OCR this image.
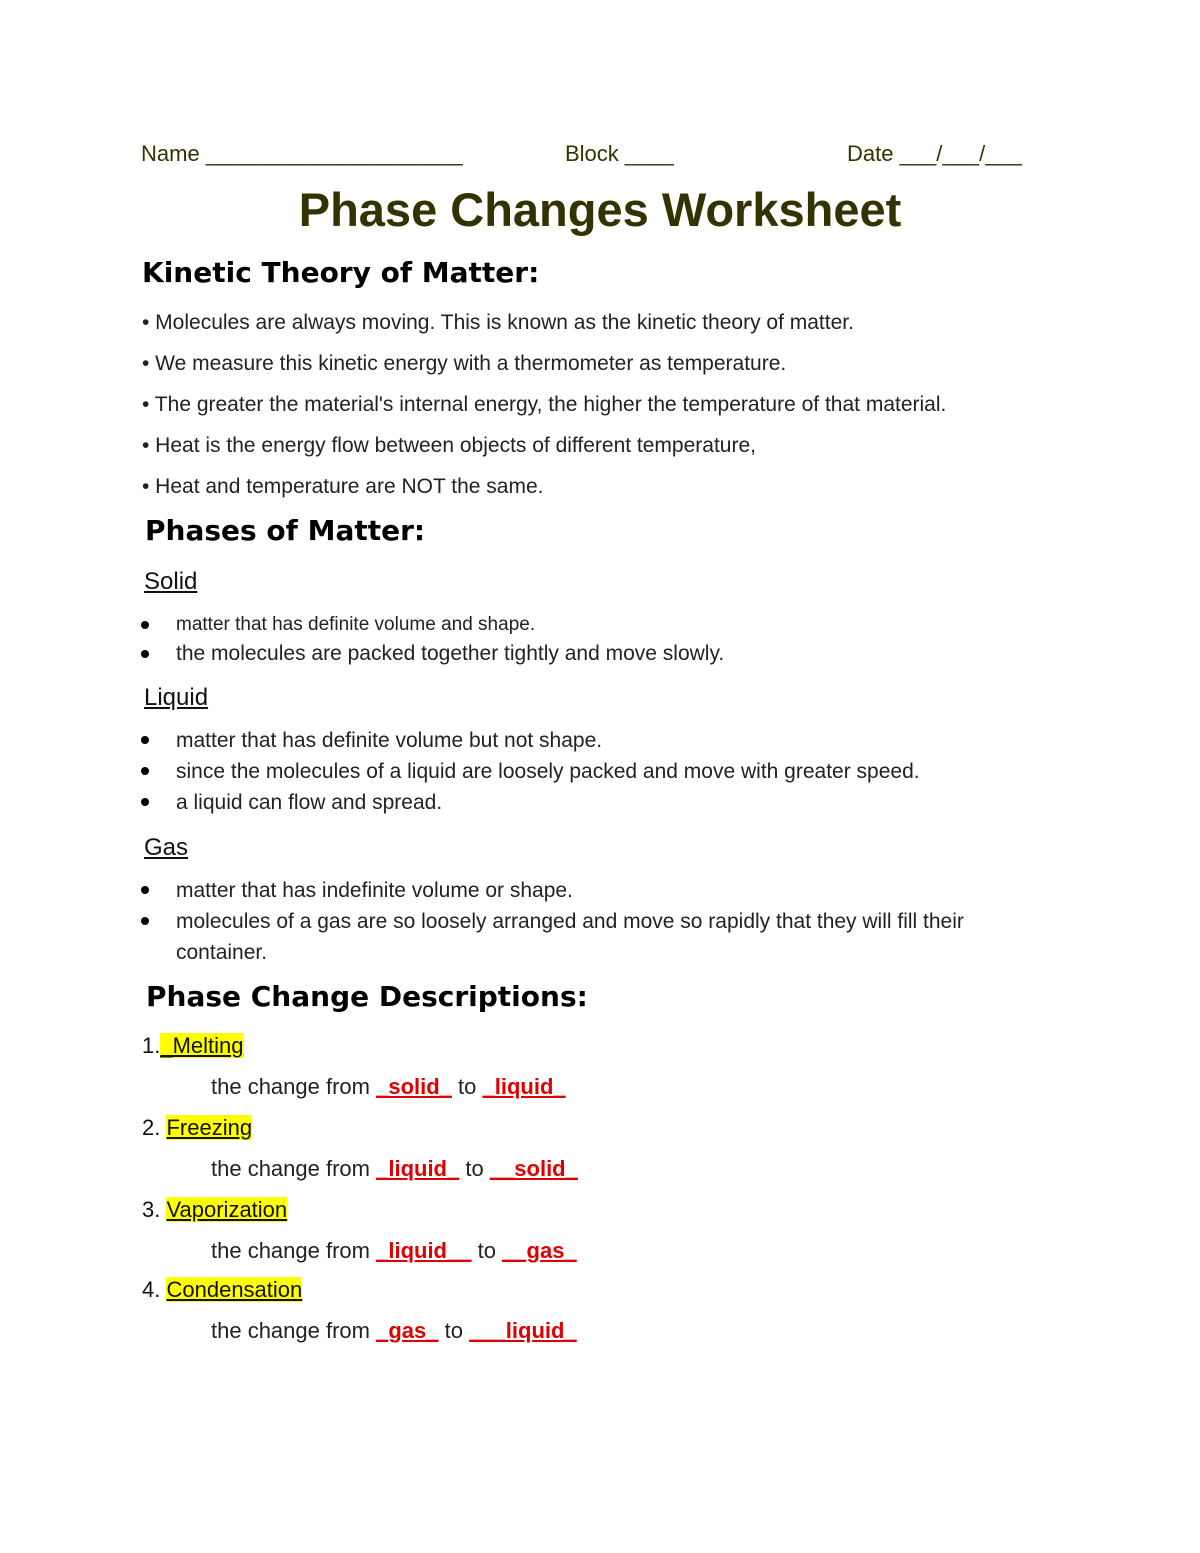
Name _____________________	Block ____	Date ___/___/___
Phase Changes Worksheet
Kinetic Theory of Matter:
• Molecules are always moving. This is known as the kinetic theory of matter.
• We measure this kinetic energy with a thermometer as temperature.
• The greater the material's internal energy, the higher the temperature of that material.
• Heat is the energy flow between objects of different temperature,
• Heat and temperature are NOT the same.
Phases of Matter:
Solid
matter that has definite volume and shape.
the molecules are packed together tightly and move slowly.
Liquid
matter that has definite volume but not shape.
since the molecules of a liquid are loosely packed and move with greater speed.
a liquid can flow and spread.
Gas
matter that has indefinite volume or shape.
molecules of a gas are so loosely arranged and move so rapidly that they will fill their container.
Phase Change Descriptions:
1._Melting
the change from _solid_ to _liquid_
2. Freezing
the change from _liquid_ to __solid_
3. Vaporization
the change from _liquid__ to __gas_
4. Condensation
the change from _gas_ to ___liquid_
